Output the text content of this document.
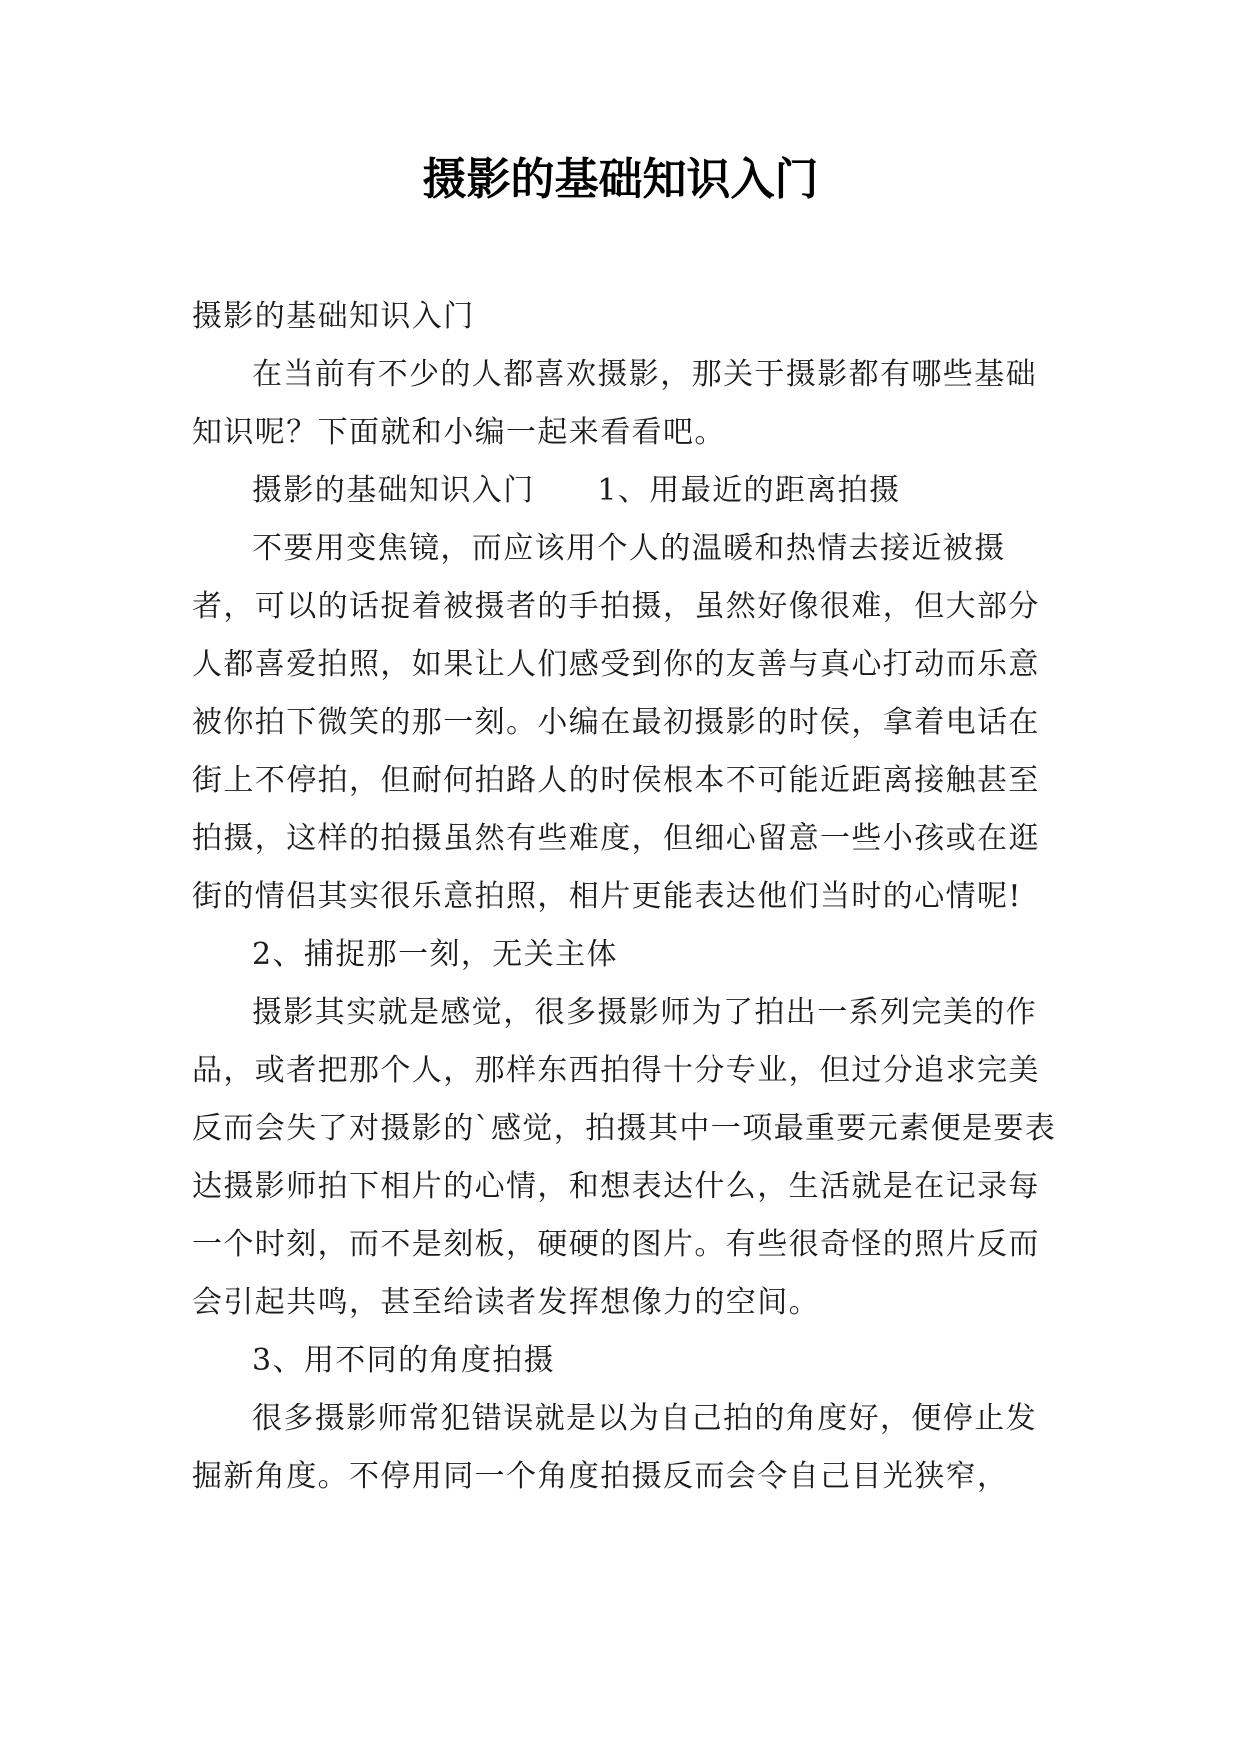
摄影的基础知识入门

摄影的基础知识入门

在当前有不少的人都喜欢摄影，那关于摄影都有哪些基础知识呢？下面就和小编一起来看看吧。

摄影的基础知识入门　　1、用最近的距离拍摄

不要用变焦镜，而应该用个人的温暖和热情去接近被摄者，可以的话捉着被摄者的手拍摄，虽然好像很难，但大部分人都喜爱拍照，如果让人们感受到你的友善与真心打动而乐意被你拍下微笑的那一刻。小编在最初摄影的时侯，拿着电话在街上不停拍，但耐何拍路人的时侯根本不可能近距离接触甚至拍摄，这样的拍摄虽然有些难度，但细心留意一些小孩或在逛街的情侣其实很乐意拍照，相片更能表达他们当时的心情呢!

2、捕捉那一刻，无关主体

摄影其实就是感觉，很多摄影师为了拍出一系列完美的作品，或者把那个人，那样东西拍得十分专业，但过分追求完美反而会失了对摄影的`感觉，拍摄其中一项最重要元素便是要表达摄影师拍下相片的心情，和想表达什么，生活就是在记录每一个时刻，而不是刻板，硬硬的图片。有些很奇怪的照片反而会引起共鸣，甚至给读者发挥想像力的空间。

3、用不同的角度拍摄

很多摄影师常犯错误就是以为自己拍的角度好，便停止发掘新角度。不停用同一个角度拍摄反而会令自己目光狭窄，
